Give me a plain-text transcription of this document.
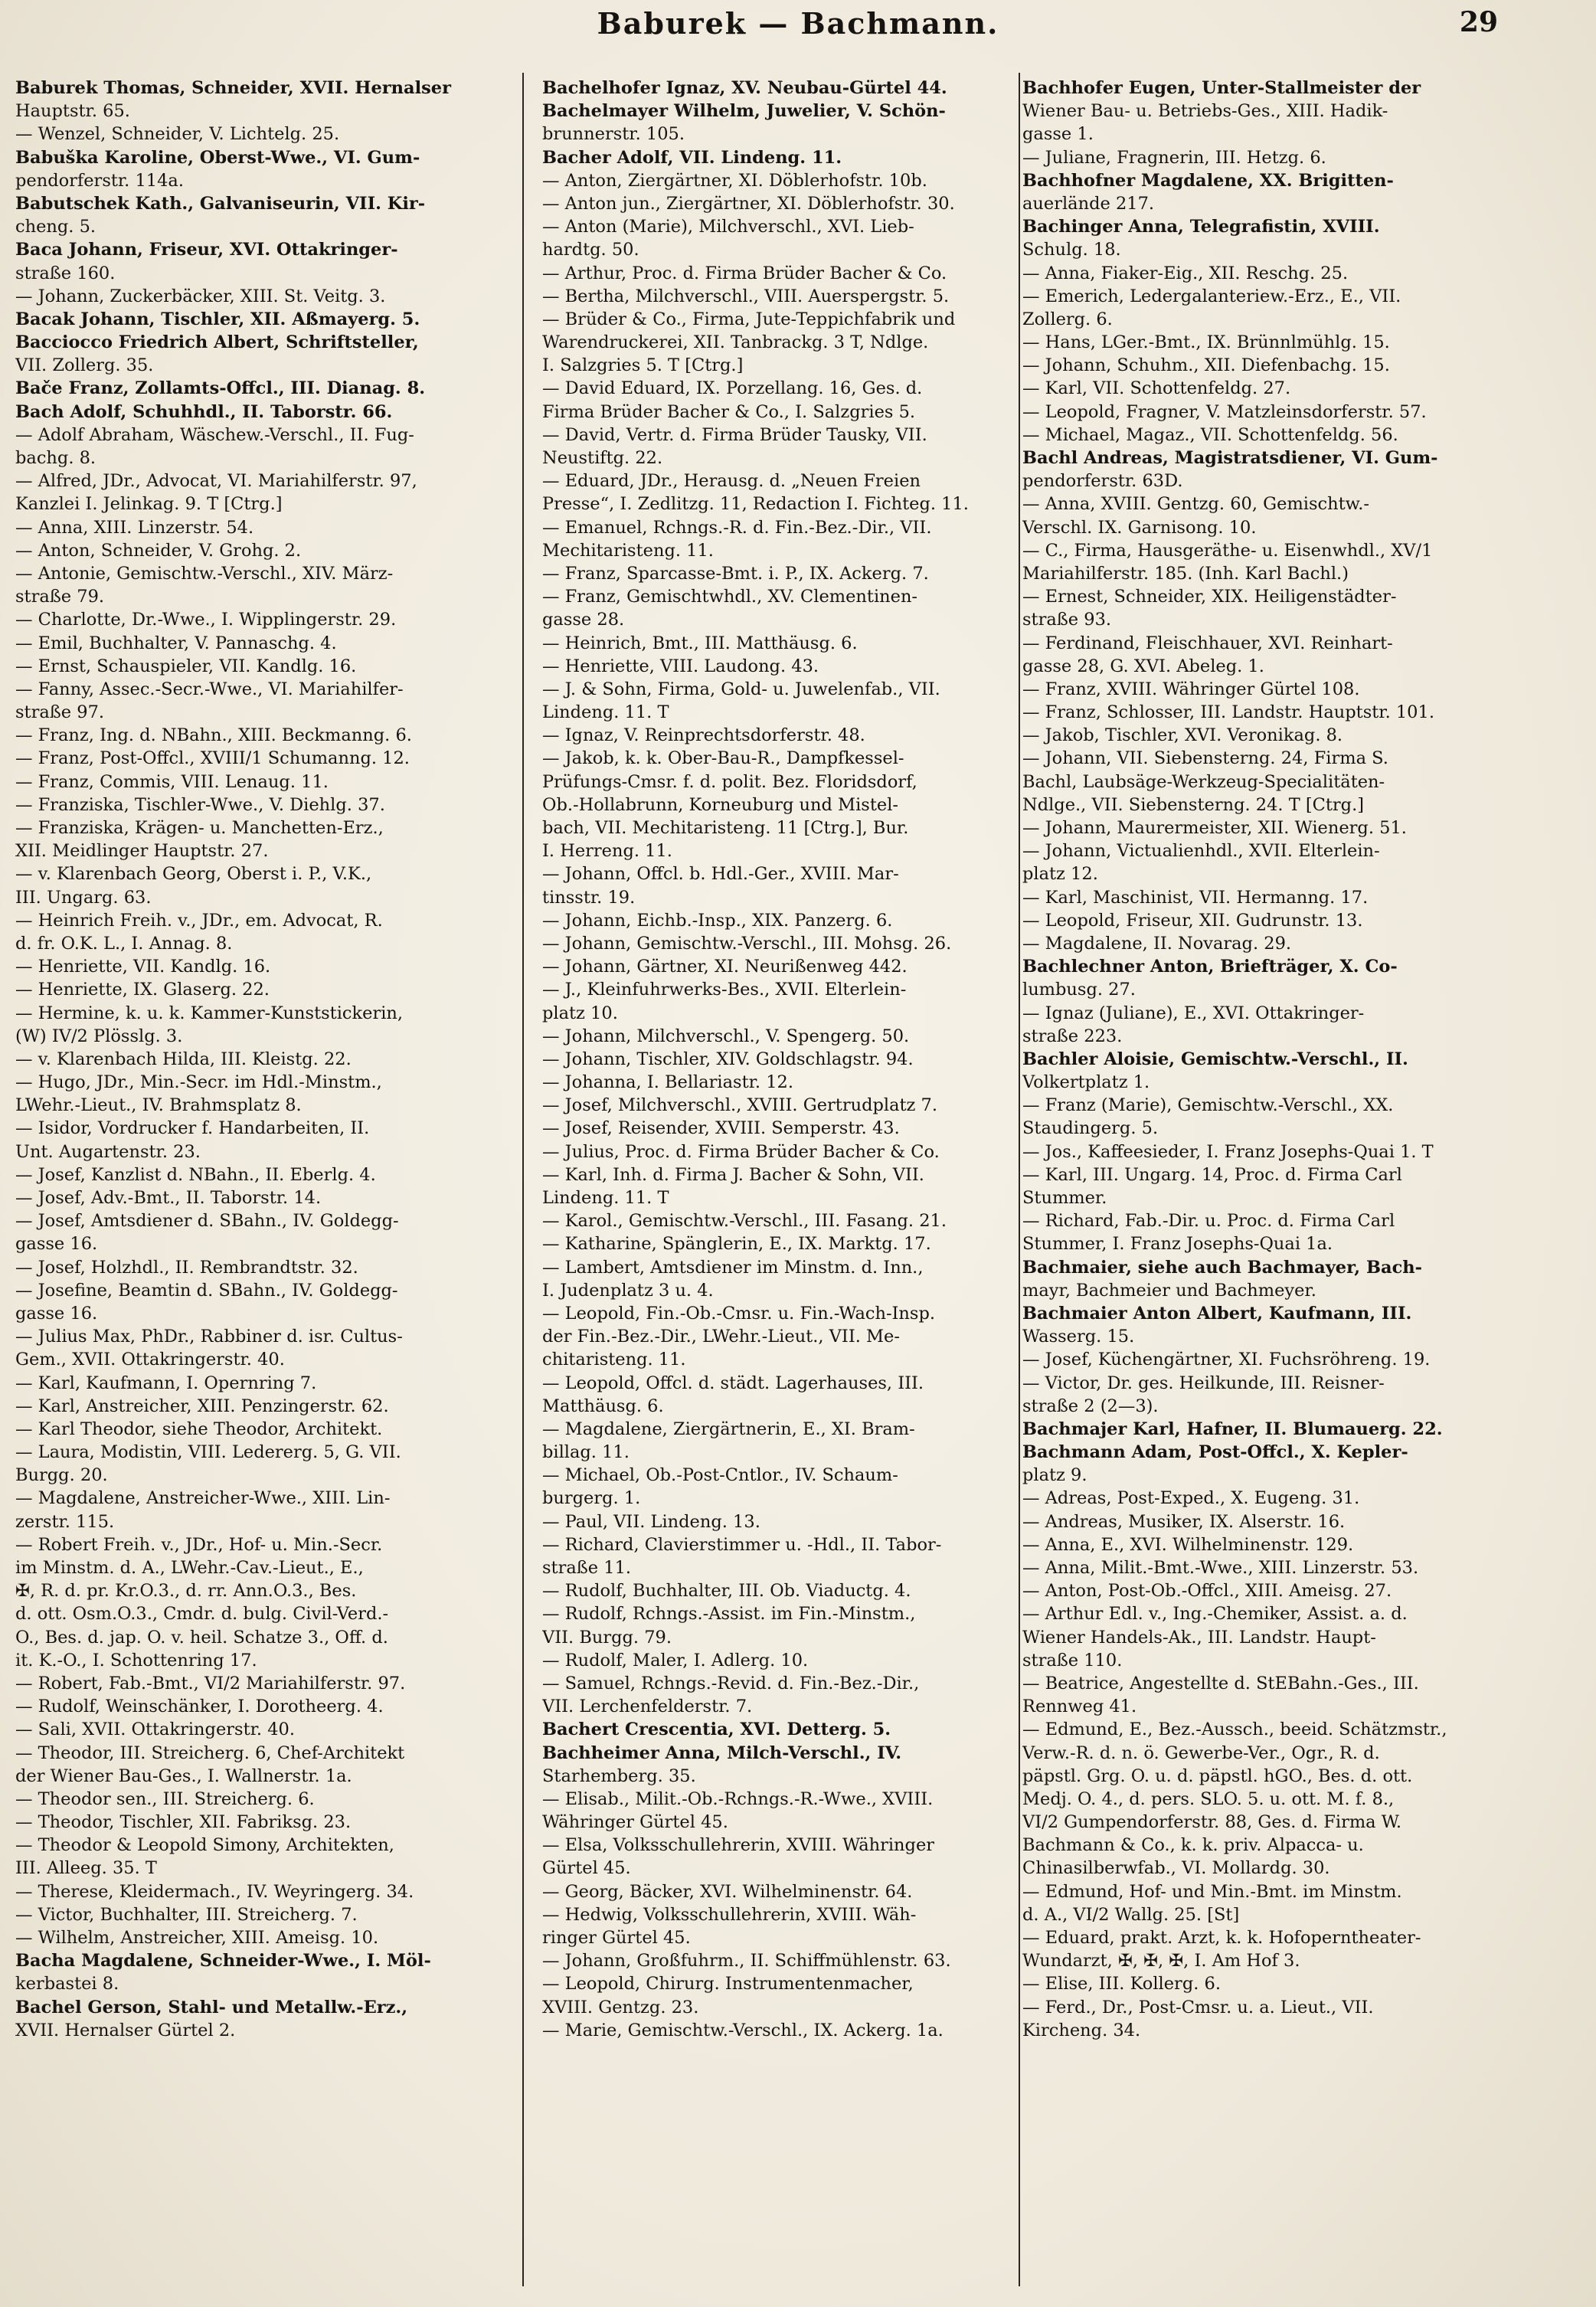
Baburek — Bachmann.	29
Baburek Thomas, Schneider, XVII. Hernalser
Hauptstr. 65.
— Wenzel, Schneider, V. Lichtelg. 25.
Babuška Karoline, Oberst-Wwe., VI. Gum-
pendorferstr. 114a.
Babutschek Kath., Galvaniseurin, VII. Kir-
cheng. 5.
Baca Johann, Friseur, XVI. Ottakringer-
straße 160.
— Johann, Zuckerbäcker, XIII. St. Veitg. 3.
Bacak Johann, Tischler, XII. Aßmayerg. 5.
Bacciocco Friedrich Albert, Schriftsteller,
VII. Zollerg. 35.
Bače Franz, Zollamts-Offcl., III. Dianag. 8.
Bach Adolf, Schuhhdl., II. Taborstr. 66.
— Adolf Abraham, Wäschew.-Verschl., II. Fug-
bachg. 8.
— Alfred, JDr., Advocat, VI. Mariahilferstr. 97,
Kanzlei I. Jelinkag. 9. T [Ctrg.]
— Anna, XIII. Linzerstr. 54.
— Anton, Schneider, V. Grohg. 2.
— Antonie, Gemischtw.-Verschl., XIV. März-
straße 79.
— Charlotte, Dr.-Wwe., I. Wipplingerstr. 29.
— Emil, Buchhalter, V. Pannaschg. 4.
— Ernst, Schauspieler, VII. Kandlg. 16.
— Fanny, Assec.-Secr.-Wwe., VI. Mariahilfer-
straße 97.
— Franz, Ing. d. NBahn., XIII. Beckmanng. 6.
— Franz, Post-Offcl., XVIII/1 Schumanng. 12.
— Franz, Commis, VIII. Lenaug. 11.
— Franziska, Tischler-Wwe., V. Diehlg. 37.
— Franziska, Krägen- u. Manchetten-Erz.,
XII. Meidlinger Hauptstr. 27.
— v. Klarenbach Georg, Oberst i. P., V.K.,
III. Ungarg. 63.
— Heinrich Freih. v., JDr., em. Advocat, R.
d. fr. O.K. L., I. Annag. 8.
— Henriette, VII. Kandlg. 16.
— Henriette, IX. Glaserg. 22.
— Hermine, k. u. k. Kammer-Kunststickerin,
(W) IV/2 Plösslg. 3.
— v. Klarenbach Hilda, III. Kleistg. 22.
— Hugo, JDr., Min.-Secr. im Hdl.-Minstm.,
LWehr.-Lieut., IV. Brahmsplatz 8.
— Isidor, Vordrucker f. Handarbeiten, II.
Unt. Augartenstr. 23.
— Josef, Kanzlist d. NBahn., II. Eberlg. 4.
— Josef, Adv.-Bmt., II. Taborstr. 14.
— Josef, Amtsdiener d. SBahn., IV. Goldegg-
gasse 16.
— Josef, Holzhdl., II. Rembrandtstr. 32.
— Josefine, Beamtin d. SBahn., IV. Goldegg-
gasse 16.
— Julius Max, PhDr., Rabbiner d. isr. Cultus-
Gem., XVII. Ottakringerstr. 40.
— Karl, Kaufmann, I. Opernring 7.
— Karl, Anstreicher, XIII. Penzingerstr. 62.
— Karl Theodor, siehe Theodor, Architekt.
— Laura, Modistin, VIII. Ledererg. 5, G. VII.
Burgg. 20.
— Magdalene, Anstreicher-Wwe., XIII. Lin-
zerstr. 115.
— Robert Freih. v., JDr., Hof- u. Min.-Secr.
im Minstm. d. A., LWehr.-Cav.-Lieut., E.,
✠, R. d. pr. Kr.O.3., d. rr. Ann.O.3., Bes.
d. ott. Osm.O.3., Cmdr. d. bulg. Civil-Verd.-
O., Bes. d. jap. O. v. heil. Schatze 3., Off. d.
it. K.-O., I. Schottenring 17.
— Robert, Fab.-Bmt., VI/2 Mariahilferstr. 97.
— Rudolf, Weinschänker, I. Dorotheerg. 4.
— Sali, XVII. Ottakringerstr. 40.
— Theodor, III. Streicherg. 6, Chef-Architekt
der Wiener Bau-Ges., I. Wallnerstr. 1a.
— Theodor sen., III. Streicherg. 6.
— Theodor, Tischler, XII. Fabriksg. 23.
— Theodor & Leopold Simony, Architekten,
III. Alleeg. 35. T
— Therese, Kleidermach., IV. Weyringerg. 34.
— Victor, Buchhalter, III. Streicherg. 7.
— Wilhelm, Anstreicher, XIII. Ameisg. 10.
Bacha Magdalene, Schneider-Wwe., I. Möl-
kerbastei 8.
Bachel Gerson, Stahl- und Metallw.-Erz.,
XVII. Hernalser Gürtel 2.
Bachelhofer Ignaz, XV. Neubau-Gürtel 44.
Bachelmayer Wilhelm, Juwelier, V. Schön-
brunnerstr. 105.
Bacher Adolf, VII. Lindeng. 11.
— Anton, Ziergärtner, XI. Döblerhofstr. 10b.
— Anton jun., Ziergärtner, XI. Döblerhofstr. 30.
— Anton (Marie), Milchverschl., XVI. Lieb-
hardtg. 50.
— Arthur, Proc. d. Firma Brüder Bacher & Co.
— Bertha, Milchverschl., VIII. Auerspergstr. 5.
— Brüder & Co., Firma, Jute-Teppichfabrik und
Warendruckerei, XII. Tanbrackg. 3 T, Ndlge.
I. Salzgries 5. T [Ctrg.]
— David Eduard, IX. Porzellang. 16, Ges. d.
Firma Brüder Bacher & Co., I. Salzgries 5.
— David, Vertr. d. Firma Brüder Tausky, VII.
Neustiftg. 22.
— Eduard, JDr., Herausg. d. „Neuen Freien
Presse“, I. Zedlitzg. 11, Redaction I. Fichteg. 11.
— Emanuel, Rchngs.-R. d. Fin.-Bez.-Dir., VII.
Mechitaristeng. 11.
— Franz, Sparcasse-Bmt. i. P., IX. Ackerg. 7.
— Franz, Gemischtwhdl., XV. Clementinen-
gasse 28.
— Heinrich, Bmt., III. Matthäusg. 6.
— Henriette, VIII. Laudong. 43.
— J. & Sohn, Firma, Gold- u. Juwelenfab., VII.
Lindeng. 11. T
— Ignaz, V. Reinprechtsdorferstr. 48.
— Jakob, k. k. Ober-Bau-R., Dampfkessel-
Prüfungs-Cmsr. f. d. polit. Bez. Floridsdorf,
Ob.-Hollabrunn, Korneuburg und Mistel-
bach, VII. Mechitaristeng. 11 [Ctrg.], Bur.
I. Herreng. 11.
— Johann, Offcl. b. Hdl.-Ger., XVIII. Mar-
tinsstr. 19.
— Johann, Eichb.-Insp., XIX. Panzerg. 6.
— Johann, Gemischtw.-Verschl., III. Mohsg. 26.
— Johann, Gärtner, XI. Neurißenweg 442.
— J., Kleinfuhrwerks-Bes., XVII. Elterlein-
platz 10.
— Johann, Milchverschl., V. Spengerg. 50.
— Johann, Tischler, XIV. Goldschlagstr. 94.
— Johanna, I. Bellariastr. 12.
— Josef, Milchverschl., XVIII. Gertrudplatz 7.
— Josef, Reisender, XVIII. Semperstr. 43.
— Julius, Proc. d. Firma Brüder Bacher & Co.
— Karl, Inh. d. Firma J. Bacher & Sohn, VII.
Lindeng. 11. T
— Karol., Gemischtw.-Verschl., III. Fasang. 21.
— Katharine, Spänglerin, E., IX. Marktg. 17.
— Lambert, Amtsdiener im Minstm. d. Inn.,
I. Judenplatz 3 u. 4.
— Leopold, Fin.-Ob.-Cmsr. u. Fin.-Wach-Insp.
der Fin.-Bez.-Dir., LWehr.-Lieut., VII. Me-
chitaristeng. 11.
— Leopold, Offcl. d. städt. Lagerhauses, III.
Matthäusg. 6.
— Magdalene, Ziergärtnerin, E., XI. Bram-
billag. 11.
— Michael, Ob.-Post-Cntlor., IV. Schaum-
burgerg. 1.
— Paul, VII. Lindeng. 13.
— Richard, Clavierstimmer u. -Hdl., II. Tabor-
straße 11.
— Rudolf, Buchhalter, III. Ob. Viaductg. 4.
— Rudolf, Rchngs.-Assist. im Fin.-Minstm.,
VII. Burgg. 79.
— Rudolf, Maler, I. Adlerg. 10.
— Samuel, Rchngs.-Revid. d. Fin.-Bez.-Dir.,
VII. Lerchenfelderstr. 7.
Bachert Crescentia, XVI. Detterg. 5.
Bachheimer Anna, Milch-Verschl., IV.
Starhemberg. 35.
— Elisab., Milit.-Ob.-Rchngs.-R.-Wwe., XVIII.
Währinger Gürtel 45.
— Elsa, Volksschullehrerin, XVIII. Währinger
Gürtel 45.
— Georg, Bäcker, XVI. Wilhelminenstr. 64.
— Hedwig, Volksschullehrerin, XVIII. Wäh-
ringer Gürtel 45.
— Johann, Großfuhrm., II. Schiffmühlenstr. 63.
— Leopold, Chirurg. Instrumentenmacher,
XVIII. Gentzg. 23.
— Marie, Gemischtw.-Verschl., IX. Ackerg. 1a.
Bachhofer Eugen, Unter-Stallmeister der
Wiener Bau- u. Betriebs-Ges., XIII. Hadik-
gasse 1.
— Juliane, Fragnerin, III. Hetzg. 6.
Bachhofner Magdalene, XX. Brigitten-
auerlände 217.
Bachinger Anna, Telegrafistin, XVIII.
Schulg. 18.
— Anna, Fiaker-Eig., XII. Reschg. 25.
— Emerich, Ledergalanteriew.-Erz., E., VII.
Zollerg. 6.
— Hans, LGer.-Bmt., IX. Brünnlmühlg. 15.
— Johann, Schuhm., XII. Diefenbachg. 15.
— Karl, VII. Schottenfeldg. 27.
— Leopold, Fragner, V. Matzleinsdorferstr. 57.
— Michael, Magaz., VII. Schottenfeldg. 56.
Bachl Andreas, Magistratsdiener, VI. Gum-
pendorferstr. 63D.
— Anna, XVIII. Gentzg. 60, Gemischtw.-
Verschl. IX. Garnisong. 10.
— C., Firma, Hausgeräthe- u. Eisenwhdl., XV/1
Mariahilferstr. 185. (Inh. Karl Bachl.)
— Ernest, Schneider, XIX. Heiligenstädter-
straße 93.
— Ferdinand, Fleischhauer, XVI. Reinhart-
gasse 28, G. XVI. Abeleg. 1.
— Franz, XVIII. Währinger Gürtel 108.
— Franz, Schlosser, III. Landstr. Hauptstr. 101.
— Jakob, Tischler, XVI. Veronikag. 8.
— Johann, VII. Siebensterng. 24, Firma S.
Bachl, Laubsäge-Werkzeug-Specialitäten-
Ndlge., VII. Siebensterng. 24. T [Ctrg.]
— Johann, Maurermeister, XII. Wienerg. 51.
— Johann, Victualienhdl., XVII. Elterlein-
platz 12.
— Karl, Maschinist, VII. Hermanng. 17.
— Leopold, Friseur, XII. Gudrunstr. 13.
— Magdalene, II. Novarag. 29.
Bachlechner Anton, Briefträger, X. Co-
lumbusg. 27.
— Ignaz (Juliane), E., XVI. Ottakringer-
straße 223.
Bachler Aloisie, Gemischtw.-Verschl., II.
Volkertplatz 1.
— Franz (Marie), Gemischtw.-Verschl., XX.
Staudingerg. 5.
— Jos., Kaffeesieder, I. Franz Josephs-Quai 1. T
— Karl, III. Ungarg. 14, Proc. d. Firma Carl
Stummer.
— Richard, Fab.-Dir. u. Proc. d. Firma Carl
Stummer, I. Franz Josephs-Quai 1a.
Bachmaier, siehe auch Bachmayer, Bach-
mayr, Bachmeier und Bachmeyer.
Bachmaier Anton Albert, Kaufmann, III.
Wasserg. 15.
— Josef, Küchengärtner, XI. Fuchsröhreng. 19.
— Victor, Dr. ges. Heilkunde, III. Reisner-
straße 2 (2—3).
Bachmajer Karl, Hafner, II. Blumauerg. 22.
Bachmann Adam, Post-Offcl., X. Kepler-
platz 9.
— Adreas, Post-Exped., X. Eugeng. 31.
— Andreas, Musiker, IX. Alserstr. 16.
— Anna, E., XVI. Wilhelminenstr. 129.
— Anna, Milit.-Bmt.-Wwe., XIII. Linzerstr. 53.
— Anton, Post-Ob.-Offcl., XIII. Ameisg. 27.
— Arthur Edl. v., Ing.-Chemiker, Assist. a. d.
Wiener Handels-Ak., III. Landstr. Haupt-
straße 110.
— Beatrice, Angestellte d. StEBahn.-Ges., III.
Rennweg 41.
— Edmund, E., Bez.-Aussch., beeid. Schätzmstr.,
Verw.-R. d. n. ö. Gewerbe-Ver., Ogr., R. d.
päpstl. Grg. O. u. d. päpstl. hGO., Bes. d. ott.
Medj. O. 4., d. pers. SLO. 5. u. ott. M. f. 8.,
VI/2 Gumpendorferstr. 88, Ges. d. Firma W.
Bachmann & Co., k. k. priv. Alpacca- u.
Chinasilberwfab., VI. Mollardg. 30.
— Edmund, Hof- und Min.-Bmt. im Minstm.
d. A., VI/2 Wallg. 25. [St]
— Eduard, prakt. Arzt, k. k. Hofoperntheater-
Wundarzt, ✠, ✠, ✠, I. Am Hof 3.
— Elise, III. Kollerg. 6.
— Ferd., Dr., Post-Cmsr. u. a. Lieut., VII.
Kircheng. 34.
